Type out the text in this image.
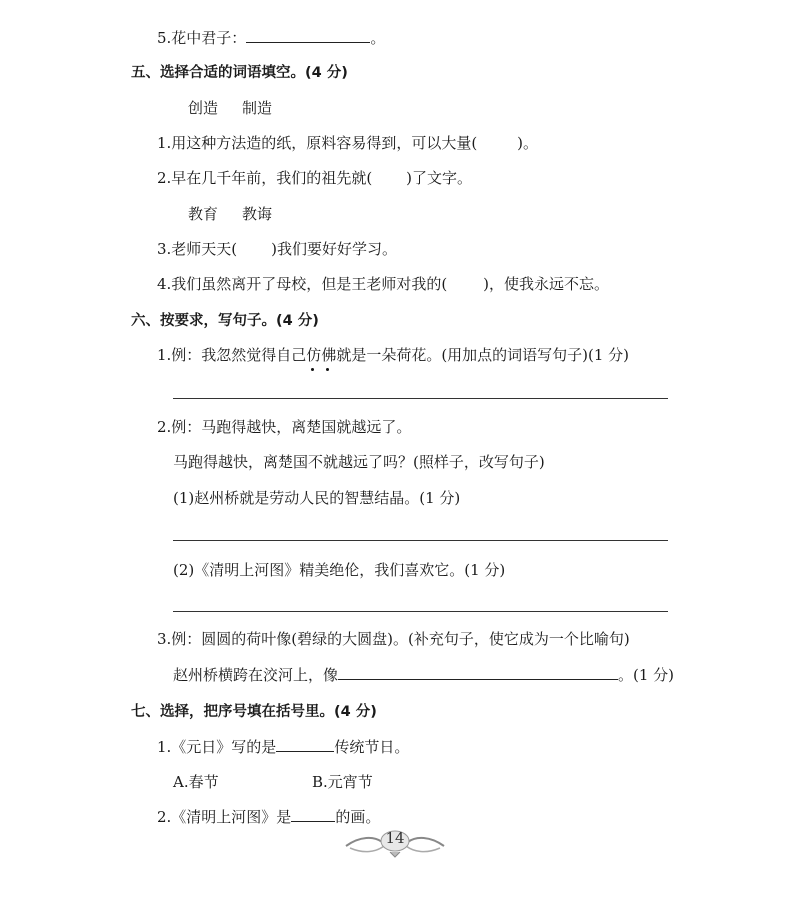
5.花中君子：	。
五、选择合适的词语填空。(4 分)
创造 制造
1.用这种方法造的纸，原料容易得到，可以大量(	)。
2.早在几千年前，我们的祖先就( )了文字。
教育 教诲
3.老师天天( )我们要好好学习。
4.我们虽然离开了母校，但是王老师对我的( )，使我永远不忘。
六、按要求，写句子。(4 分)
1.例：我忽然觉得自己仿佛就是一朵荷花。(用加点的词语写句子)(1 分)
2.例：马跑得越快，离楚国就越远了。
马跑得越快，离楚国不就越远了吗？(照样子，改写句子)
(1)赵州桥就是劳动人民的智慧结晶。(1 分)
(2)《清明上河图》精美绝伦，我们喜欢它。(1 分)
3.例：圆圆的荷叶像(碧绿的大圆盘)。(补充句子，使它成为一个比喻句)
赵州桥横跨在洨河上，像	。(1 分)
七、选择，把序号填在括号里。(4 分)
1.《元日》写的是	传统节日。
A.春节	B.元宵节
2.《清明上河图》是	的画。
14
